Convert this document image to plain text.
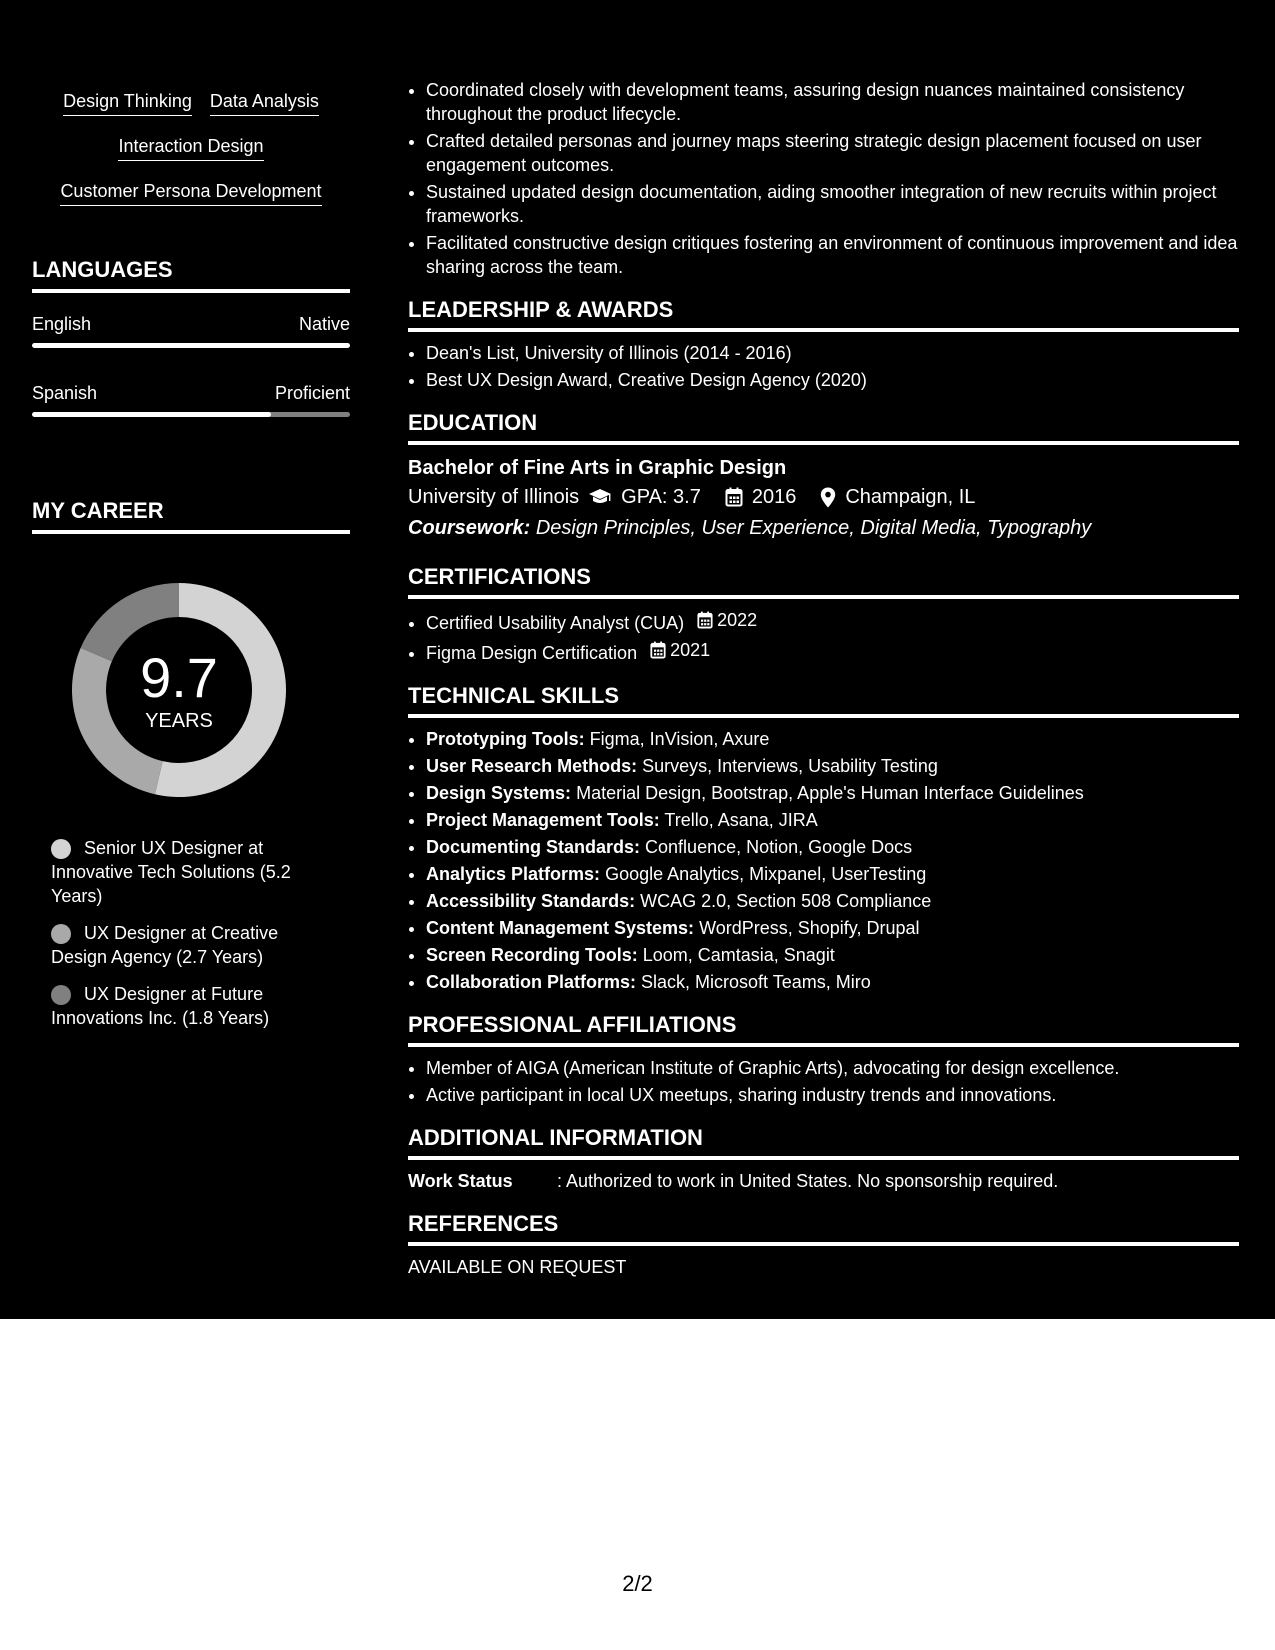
Design Thinking Data Analysis
Interaction Design
Customer Persona Development
LANGUAGES
English	Native
Spanish	Proficient
MY CAREER
9.7
YEARS
Senior UX Designer at Innovative Tech Solutions (5.2 Years)
UX Designer at Creative Design Agency (2.7 Years)
UX Designer at Future Innovations Inc. (1.8 Years)
• Coordinated closely with development teams, assuring design nuances maintained consistency throughout the product lifecycle.
• Crafted detailed personas and journey maps steering strategic design placement focused on user engagement outcomes.
• Sustained updated design documentation, aiding smoother integration of new recruits within project frameworks.
• Facilitated constructive design critiques fostering an environment of continuous improvement and idea sharing across the team.
LEADERSHIP & AWARDS
• Dean's List, University of Illinois (2014 - 2016)
• Best UX Design Award, Creative Design Agency (2020)
EDUCATION
Bachelor of Fine Arts in Graphic Design
University of Illinois GPA: 3.7	2016 Champaign, IL
Coursework: Design Principles, User Experience, Digital Media, Typography
CERTIFICATIONS
• Certified Usability Analyst (CUA) 2022
• Figma Design Certification 2021
TECHNICAL SKILLS
• Prototyping Tools: Figma, InVision, Axure
• User Research Methods: Surveys, Interviews, Usability Testing
• Design Systems: Material Design, Bootstrap, Apple's Human Interface Guidelines
• Project Management Tools: Trello, Asana, JIRA
• Documenting Standards: Confluence, Notion, Google Docs
• Analytics Platforms: Google Analytics, Mixpanel, UserTesting
• Accessibility Standards: WCAG 2.0, Section 508 Compliance
• Content Management Systems: WordPress, Shopify, Drupal
• Screen Recording Tools: Loom, Camtasia, Snagit
• Collaboration Platforms: Slack, Microsoft Teams, Miro
PROFESSIONAL AFFILIATIONS
• Member of AIGA (American Institute of Graphic Arts), advocating for design excellence.
• Active participant in local UX meetups, sharing industry trends and innovations.
ADDITIONAL INFORMATION
Work Status	: Authorized to work in United States. No sponsorship required.
REFERENCES
AVAILABLE ON REQUEST
2/2
